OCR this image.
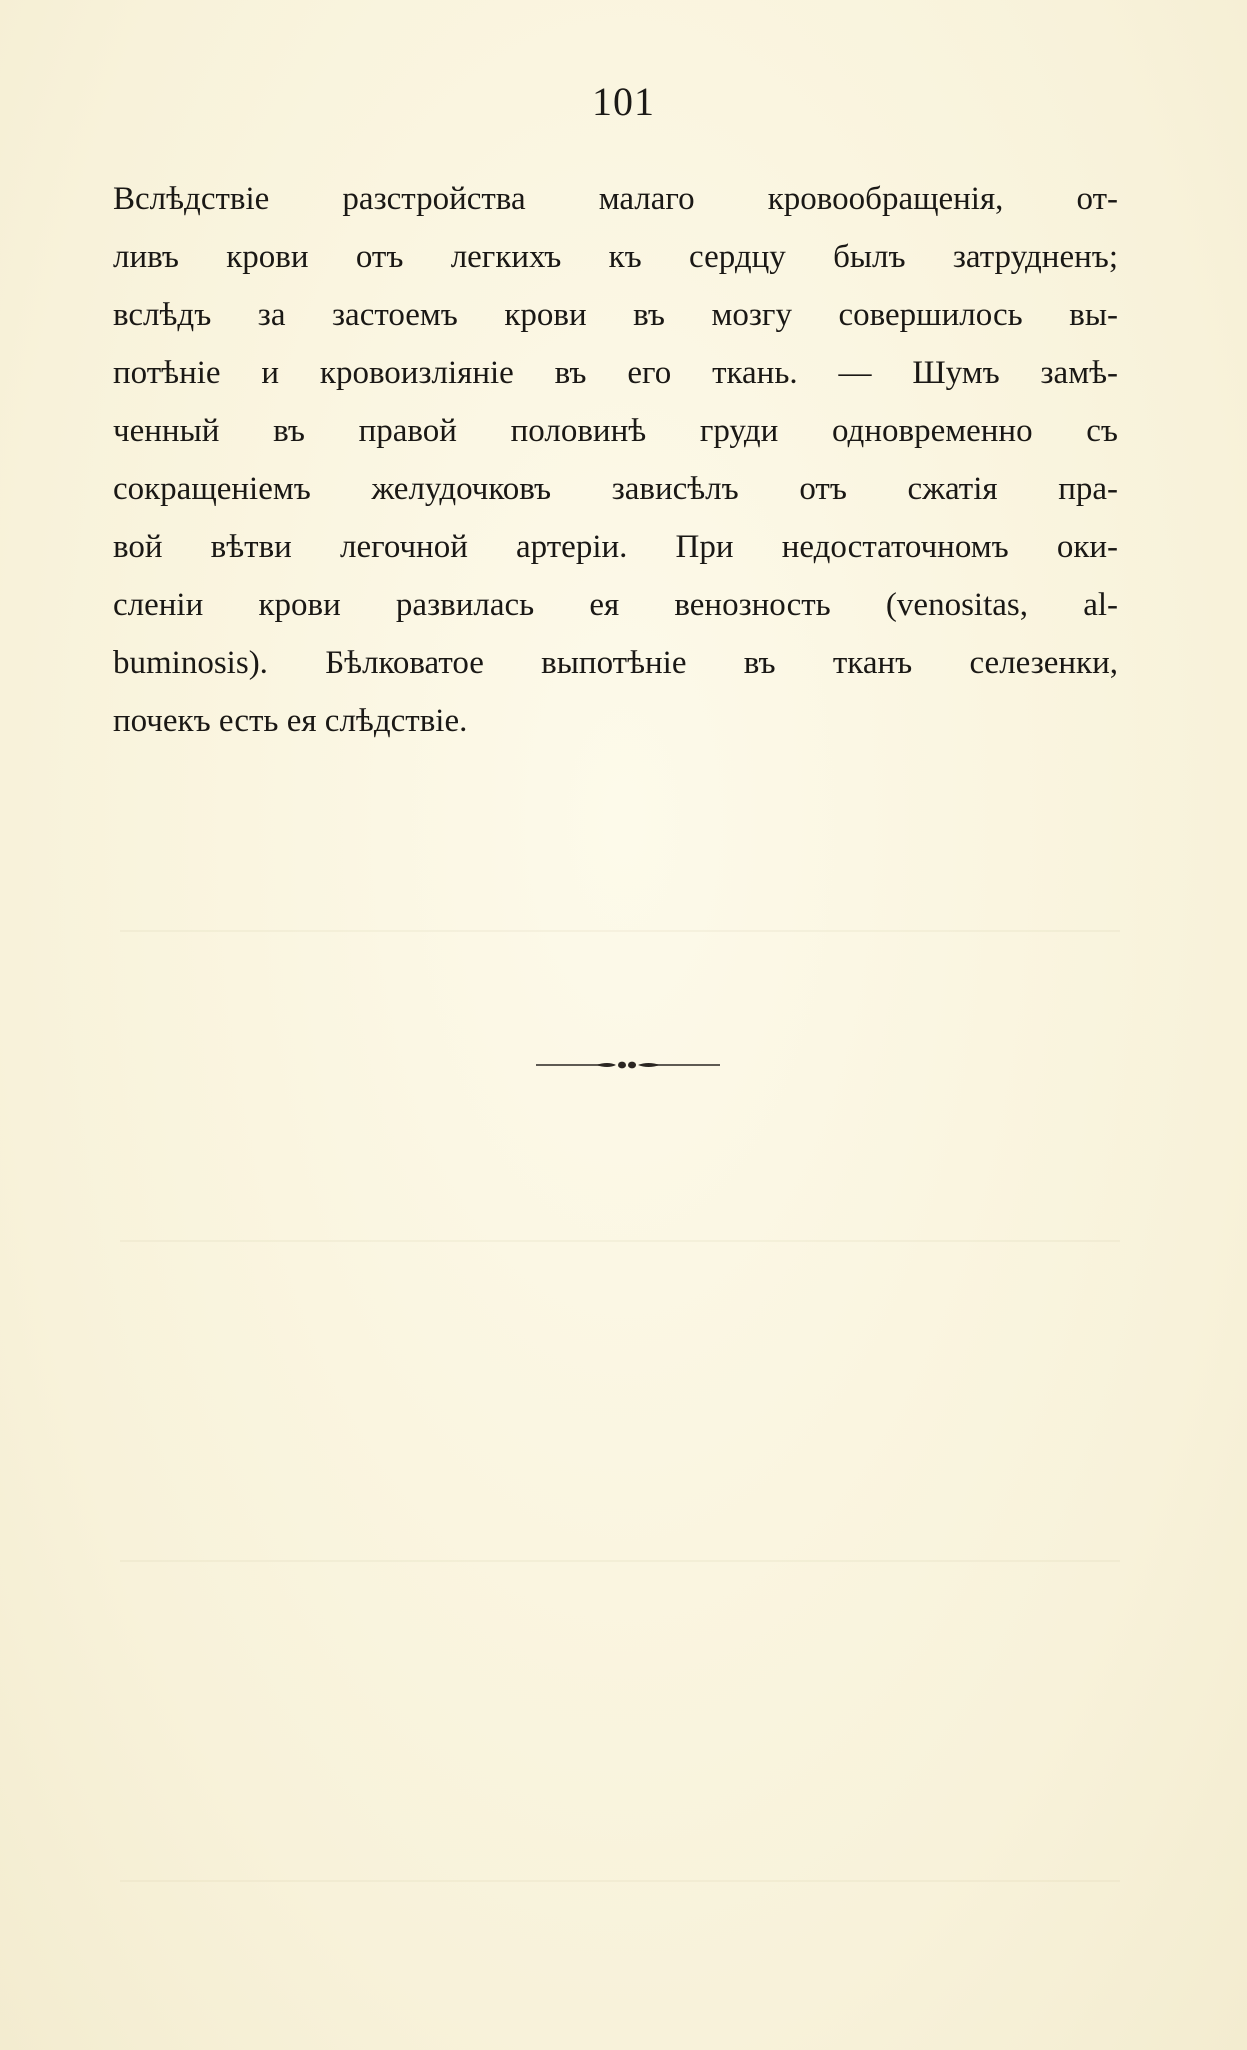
101
Вслѣдствіе разстройства малаго кровообращенія, от-
ливъ крови отъ легкихъ къ сердцу былъ затрудненъ;
вслѣдъ за застоемъ крови въ мозгу совершилось вы-
потѣніе и кровоизліяніе въ его ткань. — Шумъ замѣ-
ченный въ правой половинѣ груди одновременно съ
сокращеніемъ желудочковъ зависѣлъ отъ сжатія пра-
вой вѣтви легочной артеріи. При недостаточномъ оки-
сленіи крови развилась ея венозность (venositas, al-
buminosis). Бѣлковатое выпотѣніе въ тканъ селезенки,
почекъ есть ея слѣдствіе.
